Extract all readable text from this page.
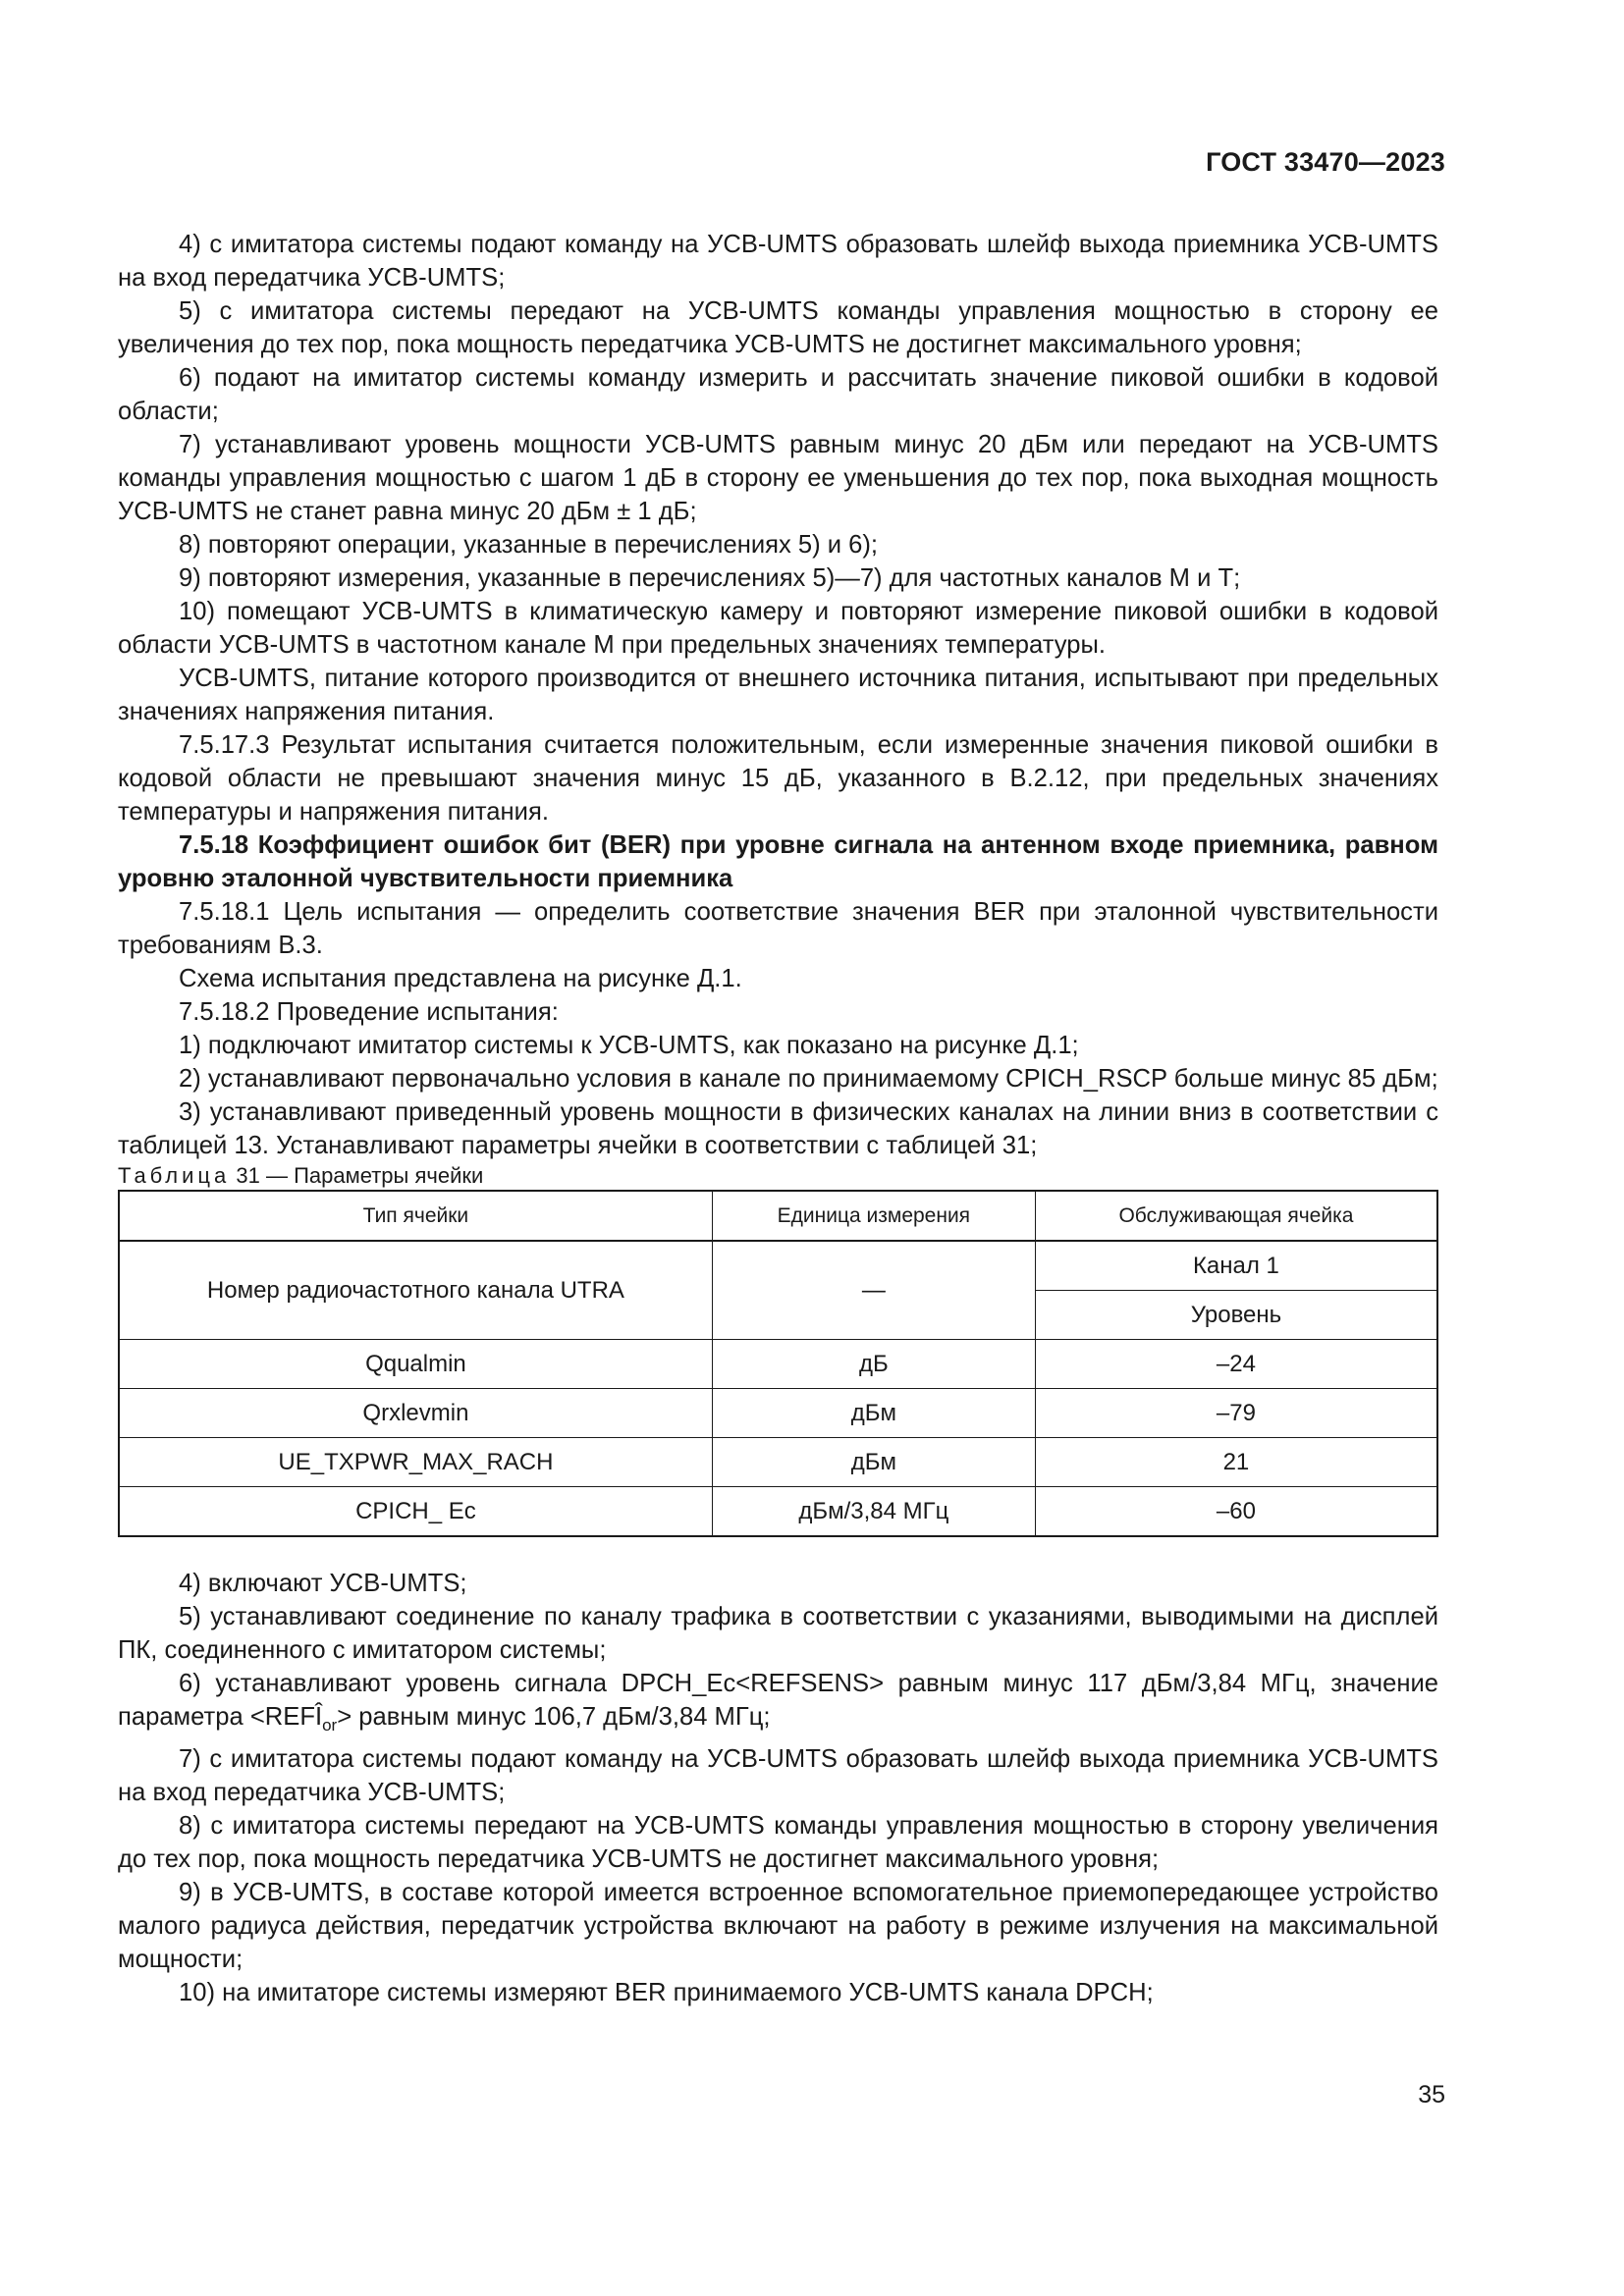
ГОСТ 33470—2023

4) с имитатора системы подают команду на УСВ-UMTS образовать шлейф выхода приемника УСВ-UMTS на вход передатчика УСВ-UMTS;

5) с имитатора системы передают на УСВ-UMTS команды управления мощностью в сторону ее увеличения до тех пор, пока мощность передатчика УСВ-UMTS не достигнет максимального уровня;

6) подают на имитатор системы команду измерить и рассчитать значение пиковой ошибки в кодовой области;

7) устанавливают уровень мощности УСВ-UMTS равным минус 20 дБм или передают на УСВ-UMTS команды управления мощностью с шагом 1 дБ в сторону ее уменьшения до тех пор, пока выходная мощность УСВ-UMTS не станет равна минус 20 дБм ± 1 дБ;

8) повторяют операции, указанные в перечислениях 5) и 6);

9) повторяют измерения, указанные в перечислениях 5)—7) для частотных каналов М и Т;

10) помещают УСВ-UMTS в климатическую камеру и повторяют измерение пиковой ошибки в кодовой области УСВ-UMTS в частотном канале М при предельных значениях температуры.

УСВ-UMTS, питание которого производится от внешнего источника питания, испытывают при предельных значениях напряжения питания.

7.5.17.3 Результат испытания считается положительным, если измеренные значения пиковой ошибки в кодовой области не превышают значения минус 15 дБ, указанного в В.2.12, при предельных значениях температуры и напряжения питания.

7.5.18 Коэффициент ошибок бит (BER) при уровне сигнала на антенном входе приемника, равном уровню эталонной чувствительности приемника

7.5.18.1 Цель испытания — определить соответствие значения BER при эталонной чувствительности требованиям В.3.

Схема испытания представлена на рисунке Д.1.

7.5.18.2 Проведение испытания:

1) подключают имитатор системы к УСВ-UMTS, как показано на рисунке Д.1;

2) устанавливают первоначально условия в канале по принимаемому CPICH_RSCP больше минус 85 дБм;

3) устанавливают приведенный уровень мощности в физических каналах на линии вниз в соответствии с таблицей 13. Устанавливают параметры ячейки в соответствии с таблицей 31;

Таблица 31 — Параметры ячейки

Тип ячейки	Единица измерения	Обслуживающая ячейка
Номер радиочастотного канала UTRA	—	Канал 1
		Уровень
Qqualmin	дБ	–24
Qrxlevmin	дБм	–79
UE_TXPWR_MAX_RACH	дБм	21
CPICH_ Ec	дБм/3,84 МГц	–60

4) включают УСВ-UMTS;

5) устанавливают соединение по каналу трафика в соответствии с указаниями, выводимыми на дисплей ПК, соединенного с имитатором системы;

6) устанавливают уровень сигнала DPCH_Ec<REFSENS> равным минус 117 дБм/3,84 МГц, значение параметра $<REFÎ_{or}>$ равным минус 106,7 дБм/3,84 МГц;

7) с имитатора системы подают команду на УСВ-UMTS образовать шлейф выхода приемника УСВ-UMTS на вход передатчика УСВ-UMTS;

8) с имитатора системы передают на УСВ-UMTS команды управления мощностью в сторону увеличения до тех пор, пока мощность передатчика УСВ-UMTS не достигнет максимального уровня;

9) в УСВ-UMTS, в составе которой имеется встроенное вспомогательное приемопередающее устройство малого радиуса действия, передатчик устройства включают на работу в режиме излучения на максимальной мощности;

10) на имитаторе системы измеряют BER принимаемого УСВ-UMTS канала DPCH;

35
